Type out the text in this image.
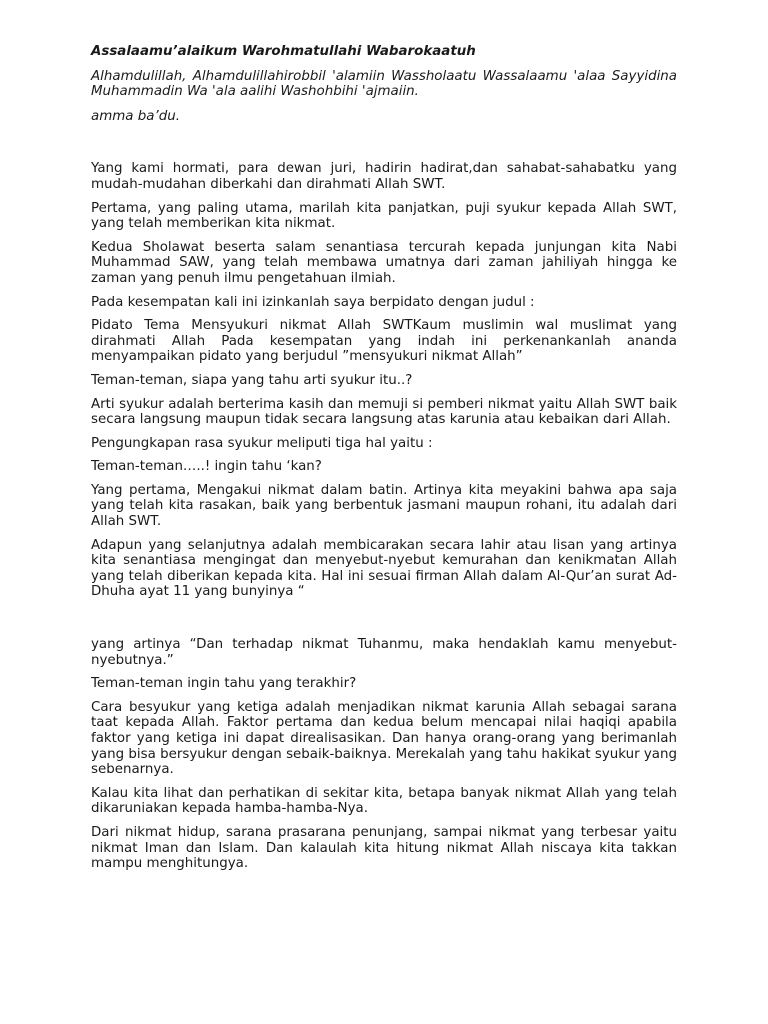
Assalaamu’alaikum Warohmatullahi Wabarokaatuh

Alhamdulillah, Alhamdulillahirobbil 'alamiin Wassholaatu Wassalaamu 'alaa Sayyidina Muhammadin Wa 'ala aalihi Washohbihi 'ajmaiin.

amma ba’du.

Yang kami hormati, para dewan juri, hadirin hadirat,dan sahabat-sahabatku yang mudah-mudahan diberkahi dan dirahmati Allah SWT.

Pertama, yang paling utama, marilah kita panjatkan, puji syukur kepada Allah SWT, yang telah memberikan kita nikmat.

Kedua Sholawat beserta salam senantiasa tercurah kepada junjungan kita Nabi Muhammad SAW, yang telah membawa umatnya dari zaman jahiliyah hingga ke zaman yang penuh ilmu pengetahuan ilmiah.

Pada kesempatan kali ini izinkanlah saya berpidato dengan judul :

Pidato Tema Mensyukuri nikmat Allah SWTKaum muslimin wal muslimat yang dirahmati Allah Pada kesempatan yang indah ini perkenankanlah ananda menyampaikan pidato yang berjudul ”mensyukuri nikmat Allah”

Teman-teman, siapa yang tahu arti syukur itu..?

Arti syukur adalah berterima kasih dan memuji si pemberi nikmat yaitu Allah SWT baik secara langsung maupun tidak secara langsung atas karunia atau kebaikan dari Allah.

Pengungkapan rasa syukur meliputi tiga hal yaitu :

Teman-teman…..! ingin tahu ‘kan?

Yang pertama, Mengakui nikmat dalam batin. Artinya kita meyakini bahwa apa saja yang telah kita rasakan, baik yang berbentuk jasmani maupun rohani, itu adalah dari Allah SWT.

Adapun yang selanjutnya adalah membicarakan secara lahir atau lisan yang artinya kita senantiasa mengingat dan menyebut-nyebut kemurahan dan kenikmatan Allah yang telah diberikan kepada kita. Hal ini sesuai firman Allah dalam Al-Qur’an surat Ad-Dhuha ayat 11 yang bunyinya “

yang artinya “Dan terhadap nikmat Tuhanmu, maka hendaklah kamu menyebut-nyebutnya.”

Teman-teman ingin tahu yang terakhir?

Cara besyukur yang ketiga adalah menjadikan nikmat karunia Allah sebagai sarana taat kepada Allah. Faktor pertama dan kedua belum mencapai nilai haqiqi apabila faktor yang ketiga ini dapat direalisasikan. Dan hanya orang-orang yang berimanlah yang bisa bersyukur dengan sebaik-baiknya. Merekalah yang tahu hakikat syukur yang sebenarnya.

Kalau kita lihat dan perhatikan di sekitar kita, betapa banyak nikmat Allah yang telah dikaruniakan kepada hamba-hamba-Nya.

Dari nikmat hidup, sarana prasarana penunjang, sampai nikmat yang terbesar yaitu nikmat Iman dan Islam. Dan kalaulah kita hitung nikmat Allah niscaya kita takkan mampu menghitungya.
